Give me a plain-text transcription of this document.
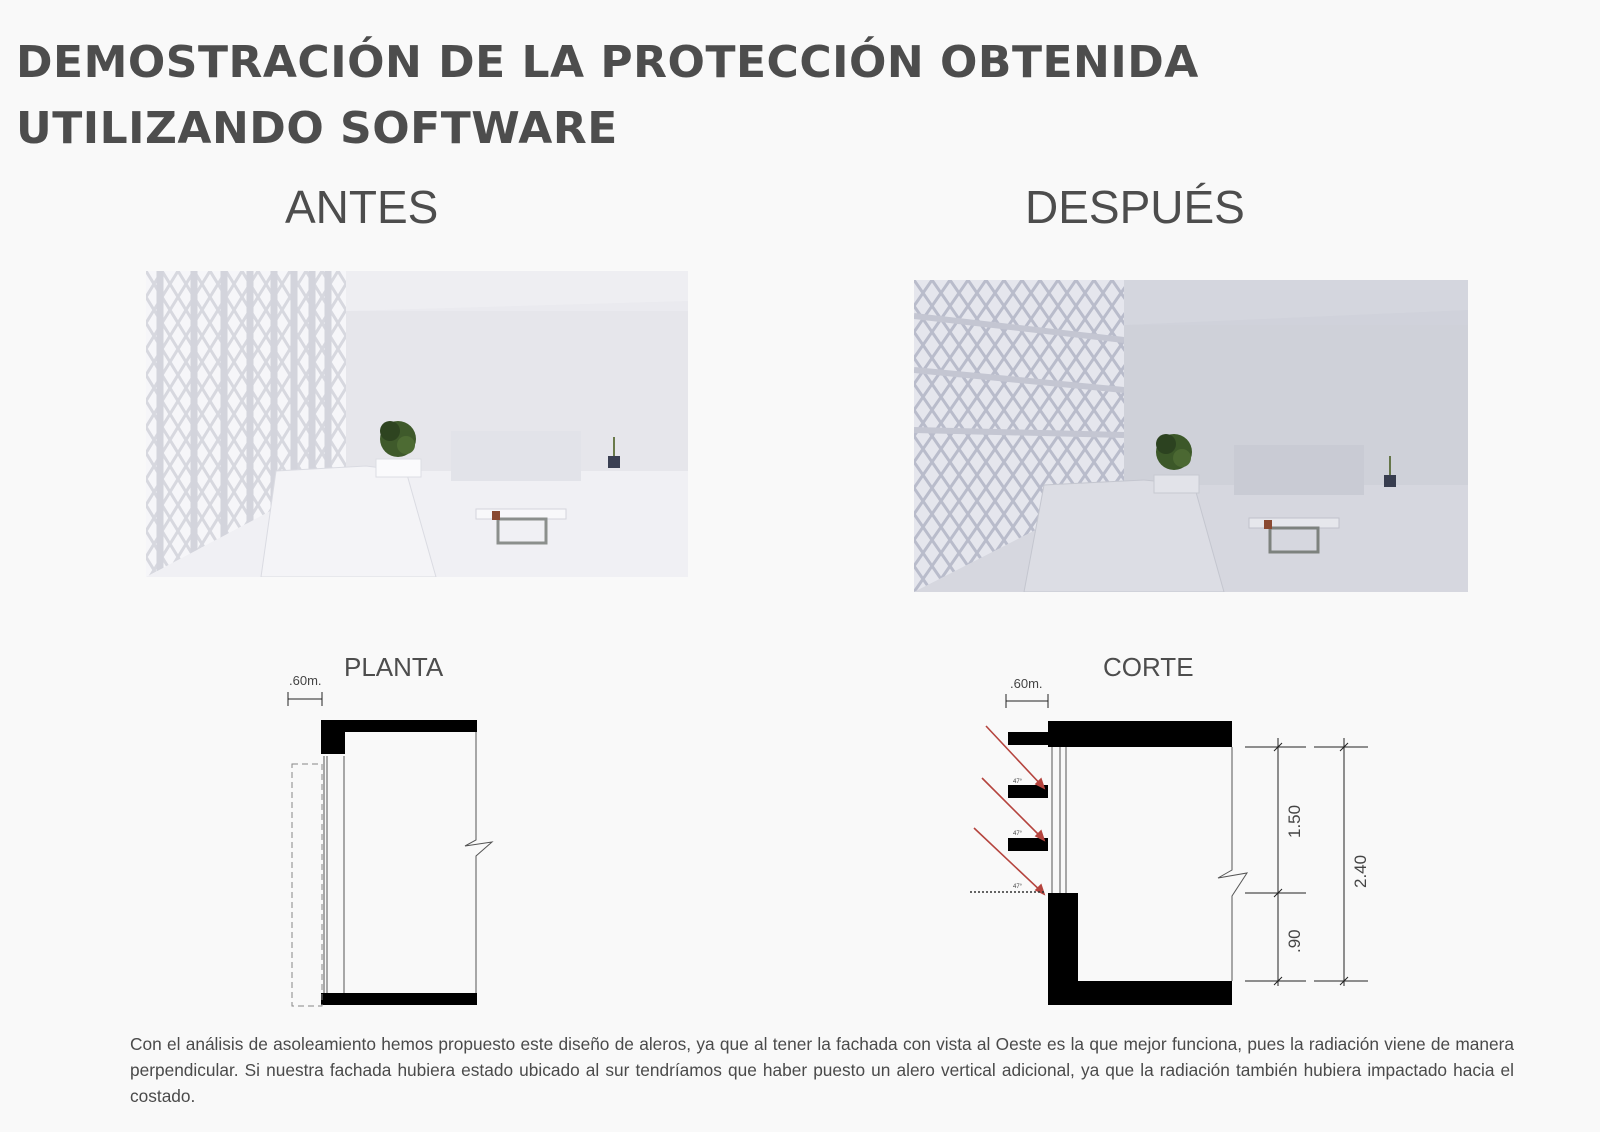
DEMOSTRACIÓN DE LA PROTECCIÓN OBTENIDA
UTILIZANDO SOFTWARE
ANTES	DESPUÉS
PLANTA	CORTE
.60m.	.60m.
47°
47°
47°
1.50
.90
2.40

Con el análisis de asoleamiento hemos propuesto este diseño de aleros, ya que al tener la fachada con vista al Oeste es la que mejor funciona, pues la radiación viene de manera perpendicular. Si nuestra fachada hubiera estado ubicado al sur tendríamos que haber puesto un alero vertical adicional, ya que la radiación también hubiera impactado hacia el costado.
